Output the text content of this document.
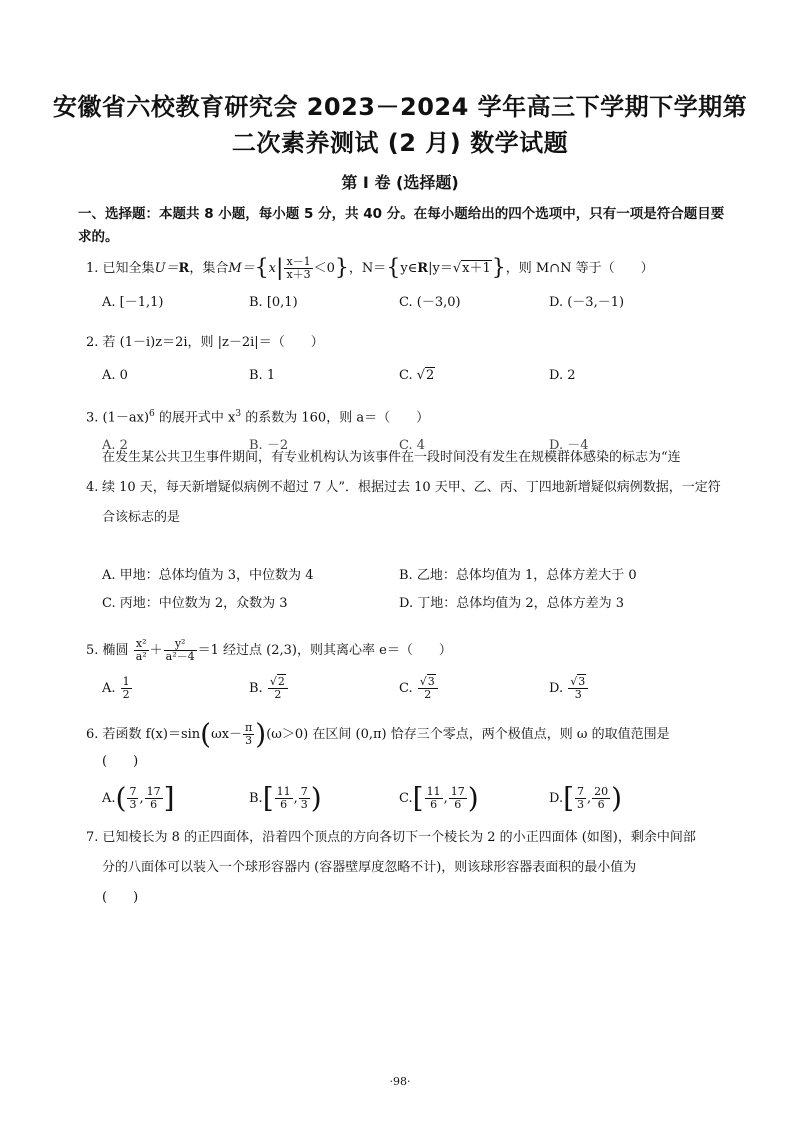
安徽省六校教育研究会 2023－2024 学年高三下学期下学期第
二次素养测试 (2 月) 数学试题
第 I 卷 (选择题)
一、选择题：本题共 8 小题，每小题 5 分，共 40 分。在每小题给出的四个选项中，只有一项是符合题目要求的。
1. 已知全集U＝R，集合$M=\{x| \frac{x-1}{x+3} <0\}$，N＝{y∈R|y＝√x＋1}，则 M∩N 等于（　　）
A. [－1,1)	B. [0,1)	C. (－3,0)	D. (－3,－1)
2. 若 (1－i)z＝2i，则 |z－2i|＝（　　）
A. 0	B. 1	C. √2	D. 2
3. $(1-ax)^6$ 的展开式中 $x^3$ 的系数为 160，则 a＝（　　）
A. 2	B. －2	C. 4	D. －4
4.
在发生某公共卫生事件期间，有专业机构认为该事件在一段时间没有发生在规模群体感染的标志为“连
续 10 天，每天新增疑似病例不超过 7 人”．根据过去 10 天甲、乙、丙、丁四地新增疑似病例数据，一定符
合该标志的是
A. 甲地：总体均值为 3，中位数为 4	B. 乙地：总体均值为 1，总体方差大于 0
C. 丙地：中位数为 2，众数为 3	D. 丁地：总体均值为 2，总体方差为 3
5. 椭圆 $\frac{\text{x²}}{\text{a²}} + \frac{\text{y²}}{\text{a²－4}} =1$ 经过点 (2,3)，则其离心率 e＝（　　）
A. $\frac{1}{2}$	B. $\frac{√2}{2}$	C. $\frac{√3}{2}$	D. $\frac{√3}{3}$
6. 若函数 $f(x)=\sin(\omega x- \frac{\pi}{3} )(\omega>0)$ 在区间 (0,π) 恰存三个零点，两个极值点，则 ω 的取值范围是
(　　)
$A.( \frac{7}{3}$ , $\frac{17}{6}$ ]	$B.[ \frac{11}{6}$ , $\frac{7}{3}$ )	$C.[ \frac{11}{6}$ , $\frac{17}{6}$ )	$D.[ \frac{7}{3}$ , $\frac{20}{6}$ )
7. 已知棱长为 8 的正四面体，沿着四个顶点的方向各切下一个棱长为 2 的小正四面体 (如图)，剩余中间部
分的八面体可以装入一个球形容器内 (容器壁厚度忽略不计)，则该球形容器表面积的最小值为
(　　)
·98·
